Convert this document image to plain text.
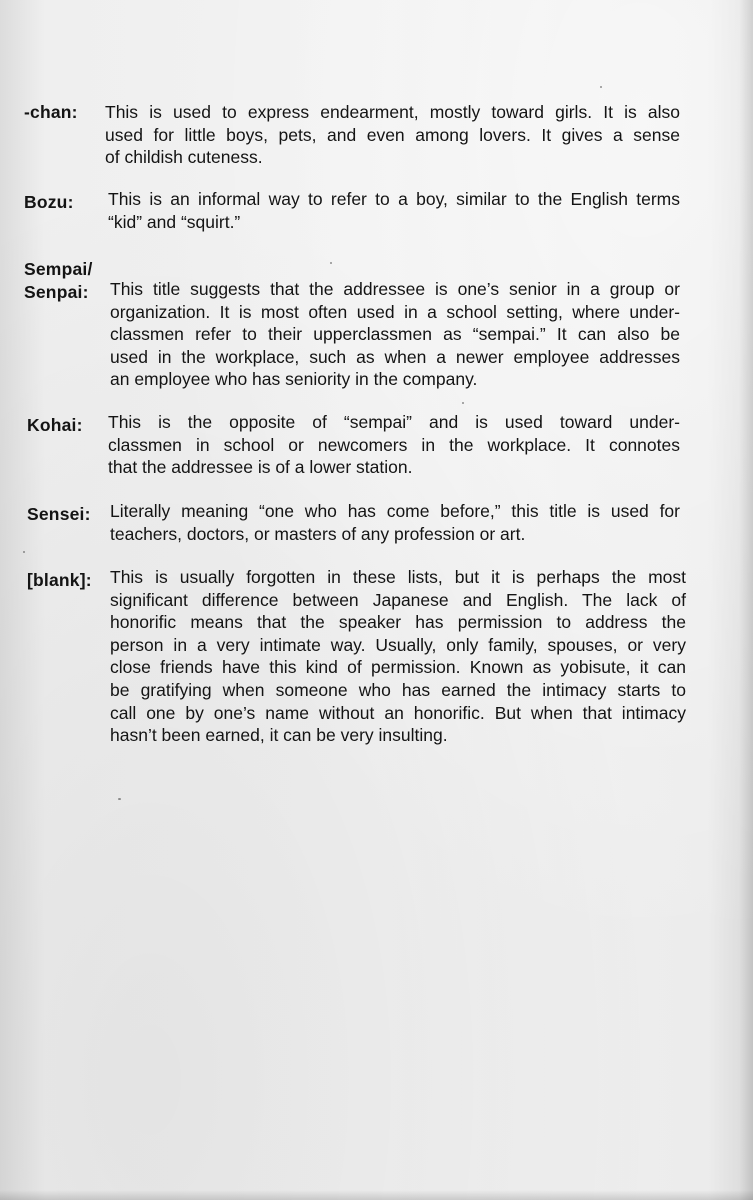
-chan: This is used to express endearment, mostly toward girls. It is also
used for little boys, pets, and even among lovers. It gives a sense
of childish cuteness.
Bozu: This is an informal way to refer to a boy, similar to the English terms
“kid” and “squirt.”
Sempai/
Senpai: This title suggests that the addressee is one’s senior in a group or
organization. It is most often used in a school setting, where under-
classmen refer to their upperclassmen as “sempai.” It can also be
used in the workplace, such as when a newer employee addresses
an employee who has seniority in the company.
Kohai: This is the opposite of “sempai” and is used toward under-
classmen in school or newcomers in the workplace. It connotes
that the addressee is of a lower station.
Sensei: Literally meaning “one who has come before,” this title is used for
teachers, doctors, or masters of any profession or art.
[blank]: This is usually forgotten in these lists, but it is perhaps the most
significant difference between Japanese and English. The lack of
honorific means that the speaker has permission to address the
person in a very intimate way. Usually, only family, spouses, or very
close friends have this kind of permission. Known as yobisute, it can
be gratifying when someone who has earned the intimacy starts to
call one by one’s name without an honorific. But when that intimacy
hasn’t been earned, it can be very insulting.
